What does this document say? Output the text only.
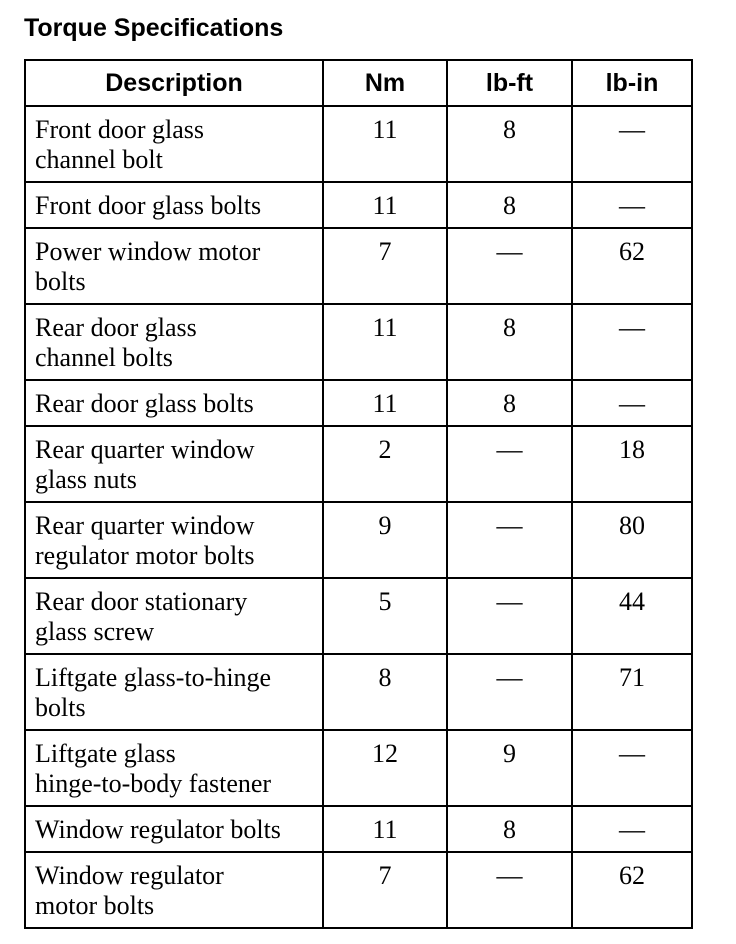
Torque Specifications
Description	Nm	lb-ft	lb-in

Front door glass
channel bolt	11	8	—

Front door glass bolts	11	8	—

Power window motor
bolts	7	—	62

Rear door glass
channel bolts	11	8	—

Rear door glass bolts	11	8	—

Rear quarter window
glass nuts	2	—	18

Rear quarter window
regulator motor bolts	9	—	80

Rear door stationary
glass screw	5	—	44

Liftgate glass-to-hinge
bolts	8	—	71

Liftgate glass
hinge-to-body fastener	12	9	—

Window regulator bolts	11	8	—

Window regulator
motor bolts	7	—	62
